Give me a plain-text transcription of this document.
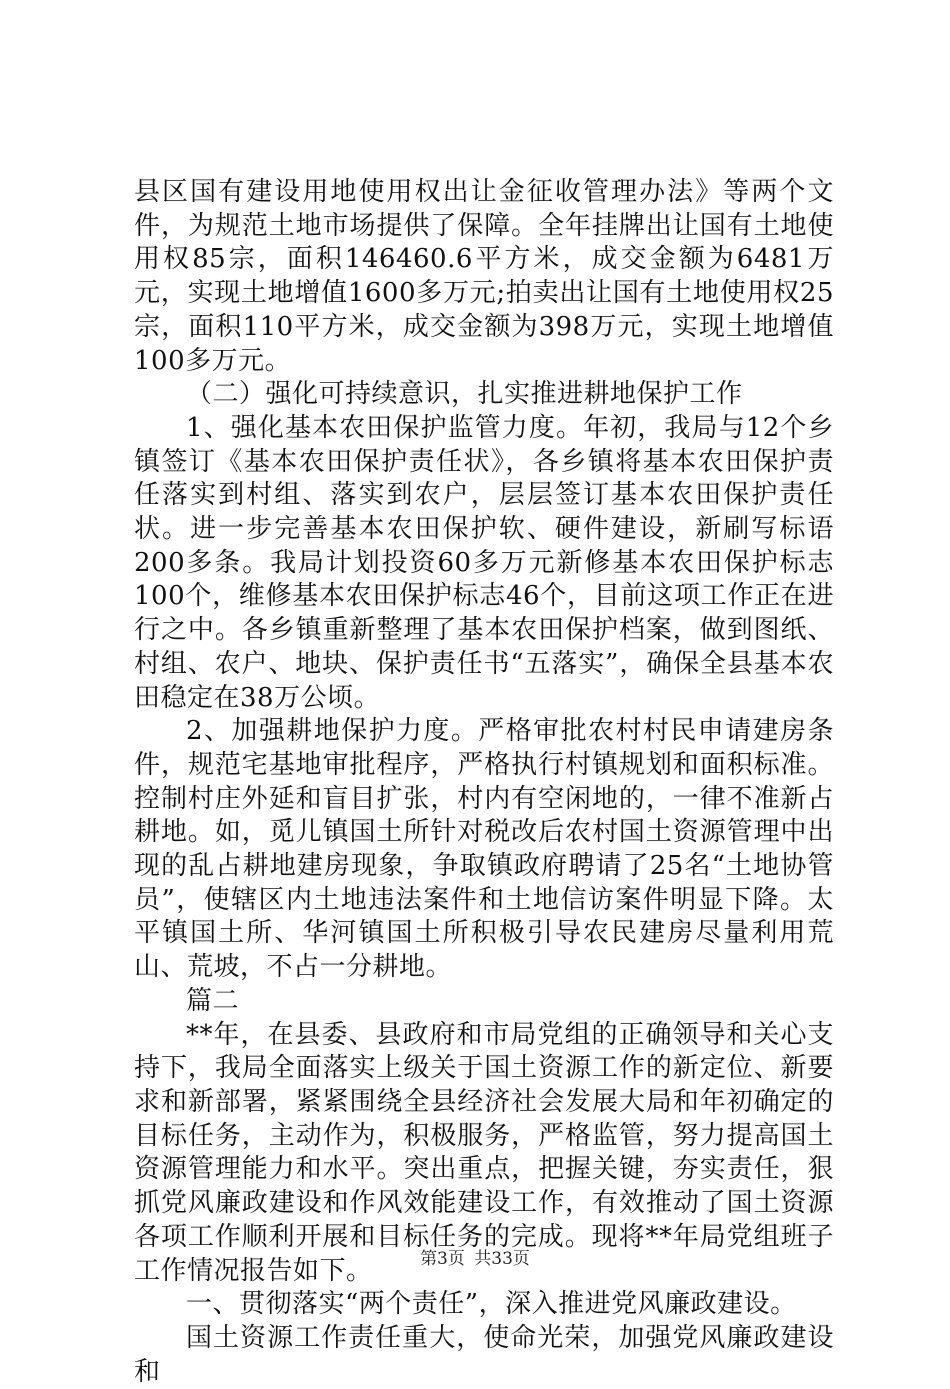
县区国有建设用地使用权出让金征收管理办法》等两个文件，为规范土地市场提供了保障。全年挂牌出让国有土地使用权85宗，面积146460.6平方米，成交金额为6481万元，实现土地增值1600多万元;拍卖出让国有土地使用权25宗，面积110平方米，成交金额为398万元，实现土地增值100多万元。

（二）强化可持续意识，扎实推进耕地保护工作

1、强化基本农田保护监管力度。年初，我局与12个乡镇签订《基本农田保护责任状》，各乡镇将基本农田保护责任落实到村组、落实到农户，层层签订基本农田保护责任状。进一步完善基本农田保护软、硬件建设，新刷写标语200多条。我局计划投资60多万元新修基本农田保护标志100个，维修基本农田保护标志46个，目前这项工作正在进行之中。各乡镇重新整理了基本农田保护档案，做到图纸、村组、农户、地块、保护责任书“五落实”，确保全县基本农田稳定在38万公顷。

2、加强耕地保护力度。严格审批农村村民申请建房条件，规范宅基地审批程序，严格执行村镇规划和面积标准。控制村庄外延和盲目扩张，村内有空闲地的，一律不准新占耕地。如，觅儿镇国土所针对税改后农村国土资源管理中出现的乱占耕地建房现象，争取镇政府聘请了25名“土地协管员”，使辖区内土地违法案件和土地信访案件明显下降。太平镇国土所、华河镇国土所积极引导农民建房尽量利用荒山、荒坡，不占一分耕地。

篇二

**年，在县委、县政府和市局党组的正确领导和关心支持下，我局全面落实上级关于国土资源工作的新定位、新要求和新部署，紧紧围绕全县经济社会发展大局和年初确定的目标任务，主动作为，积极服务，严格监管，努力提高国土资源管理能力和水平。突出重点，把握关键，夯实责任，狠抓党风廉政建设和作风效能建设工作，有效推动了国土资源各项工作顺利开展和目标任务的完成。现将**年局党组班子工作情况报告如下。

一、贯彻落实“两个责任”，深入推进党风廉政建设。

国土资源工作责任重大，使命光荣，加强党风廉政建设和

第3页 共33页
